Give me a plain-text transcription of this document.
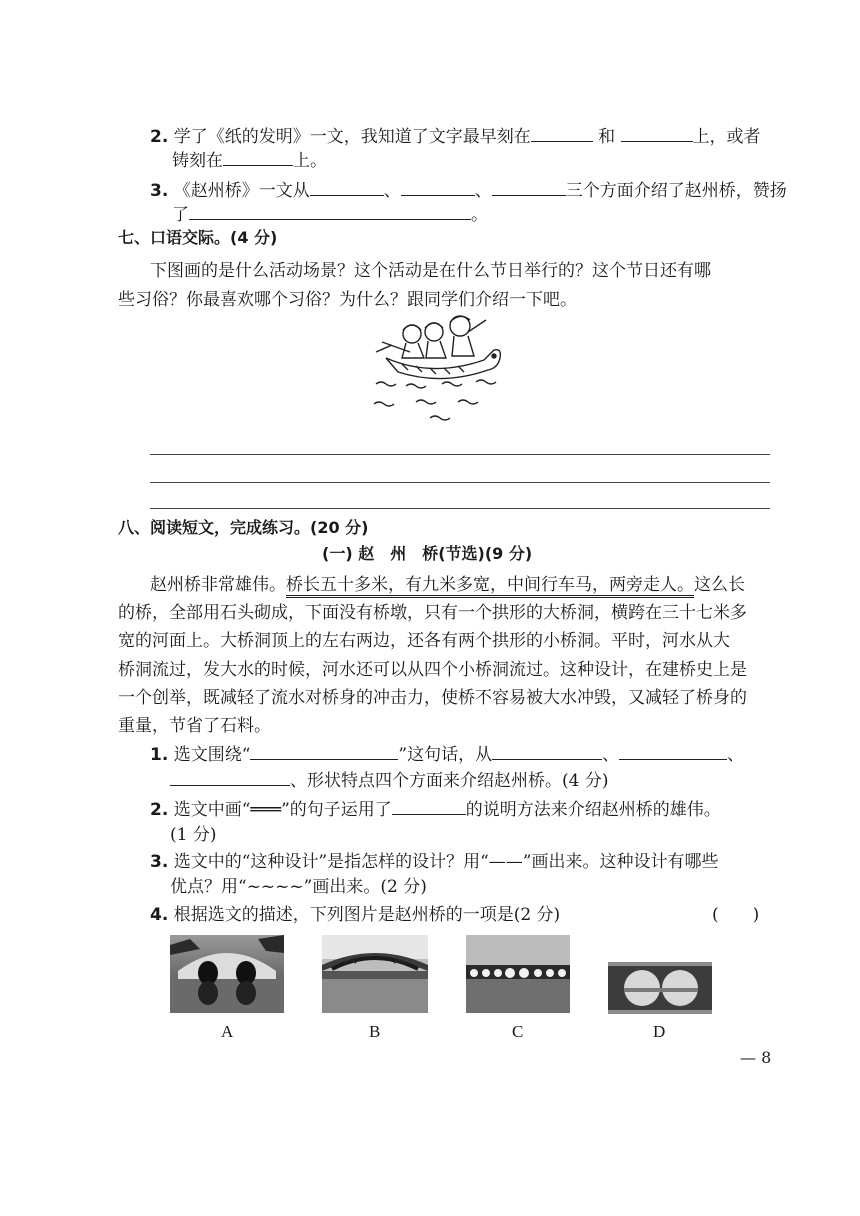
2. 学了《纸的发明》一文，我知道了文字最早刻在	和	上，或者
铸刻在	上。
3. 《赵州桥》一文从	、	、	三个方面介绍了赵州桥，赞扬
了	。
七、口语交际。(4 分)
下图画的是什么活动场景？这个活动是在什么节日举行的？这个节日还有哪
些习俗？你最喜欢哪个习俗？为什么？跟同学们介绍一下吧。
八、阅读短文，完成练习。(20 分)
(一) 赵　州　桥(节选)(9 分)
赵州桥非常雄伟。桥长五十多米，有九米多宽，中间行车马，两旁走人。这么长
的桥，全部用石头砌成，下面没有桥墩，只有一个拱形的大桥洞，横跨在三十七米多
宽的河面上。大桥洞顶上的左右两边，还各有两个拱形的小桥洞。平时，河水从大
桥洞流过，发大水的时候，河水还可以从四个小桥洞流过。这种设计，在建桥史上是
一个创举，既减轻了流水对桥身的冲击力，使桥不容易被大水冲毁，又减轻了桥身的
重量，节省了石料。
1. 选文围绕“	”这句话，从	、	、
、形状特点四个方面来介绍赵州桥。(4 分)
2. 选文中画“═══”的句子运用了	的说明方法来介绍赵州桥的雄伟。
(1 分)
3. 选文中的“这种设计”是指怎样的设计？用“——”画出来。这种设计有哪些
优点？用“~~~~”画出来。(2 分)
4. 根据选文的描述，下列图片是赵州桥的一项是(2 分)	(　　)
A	B	C	D
— 8
